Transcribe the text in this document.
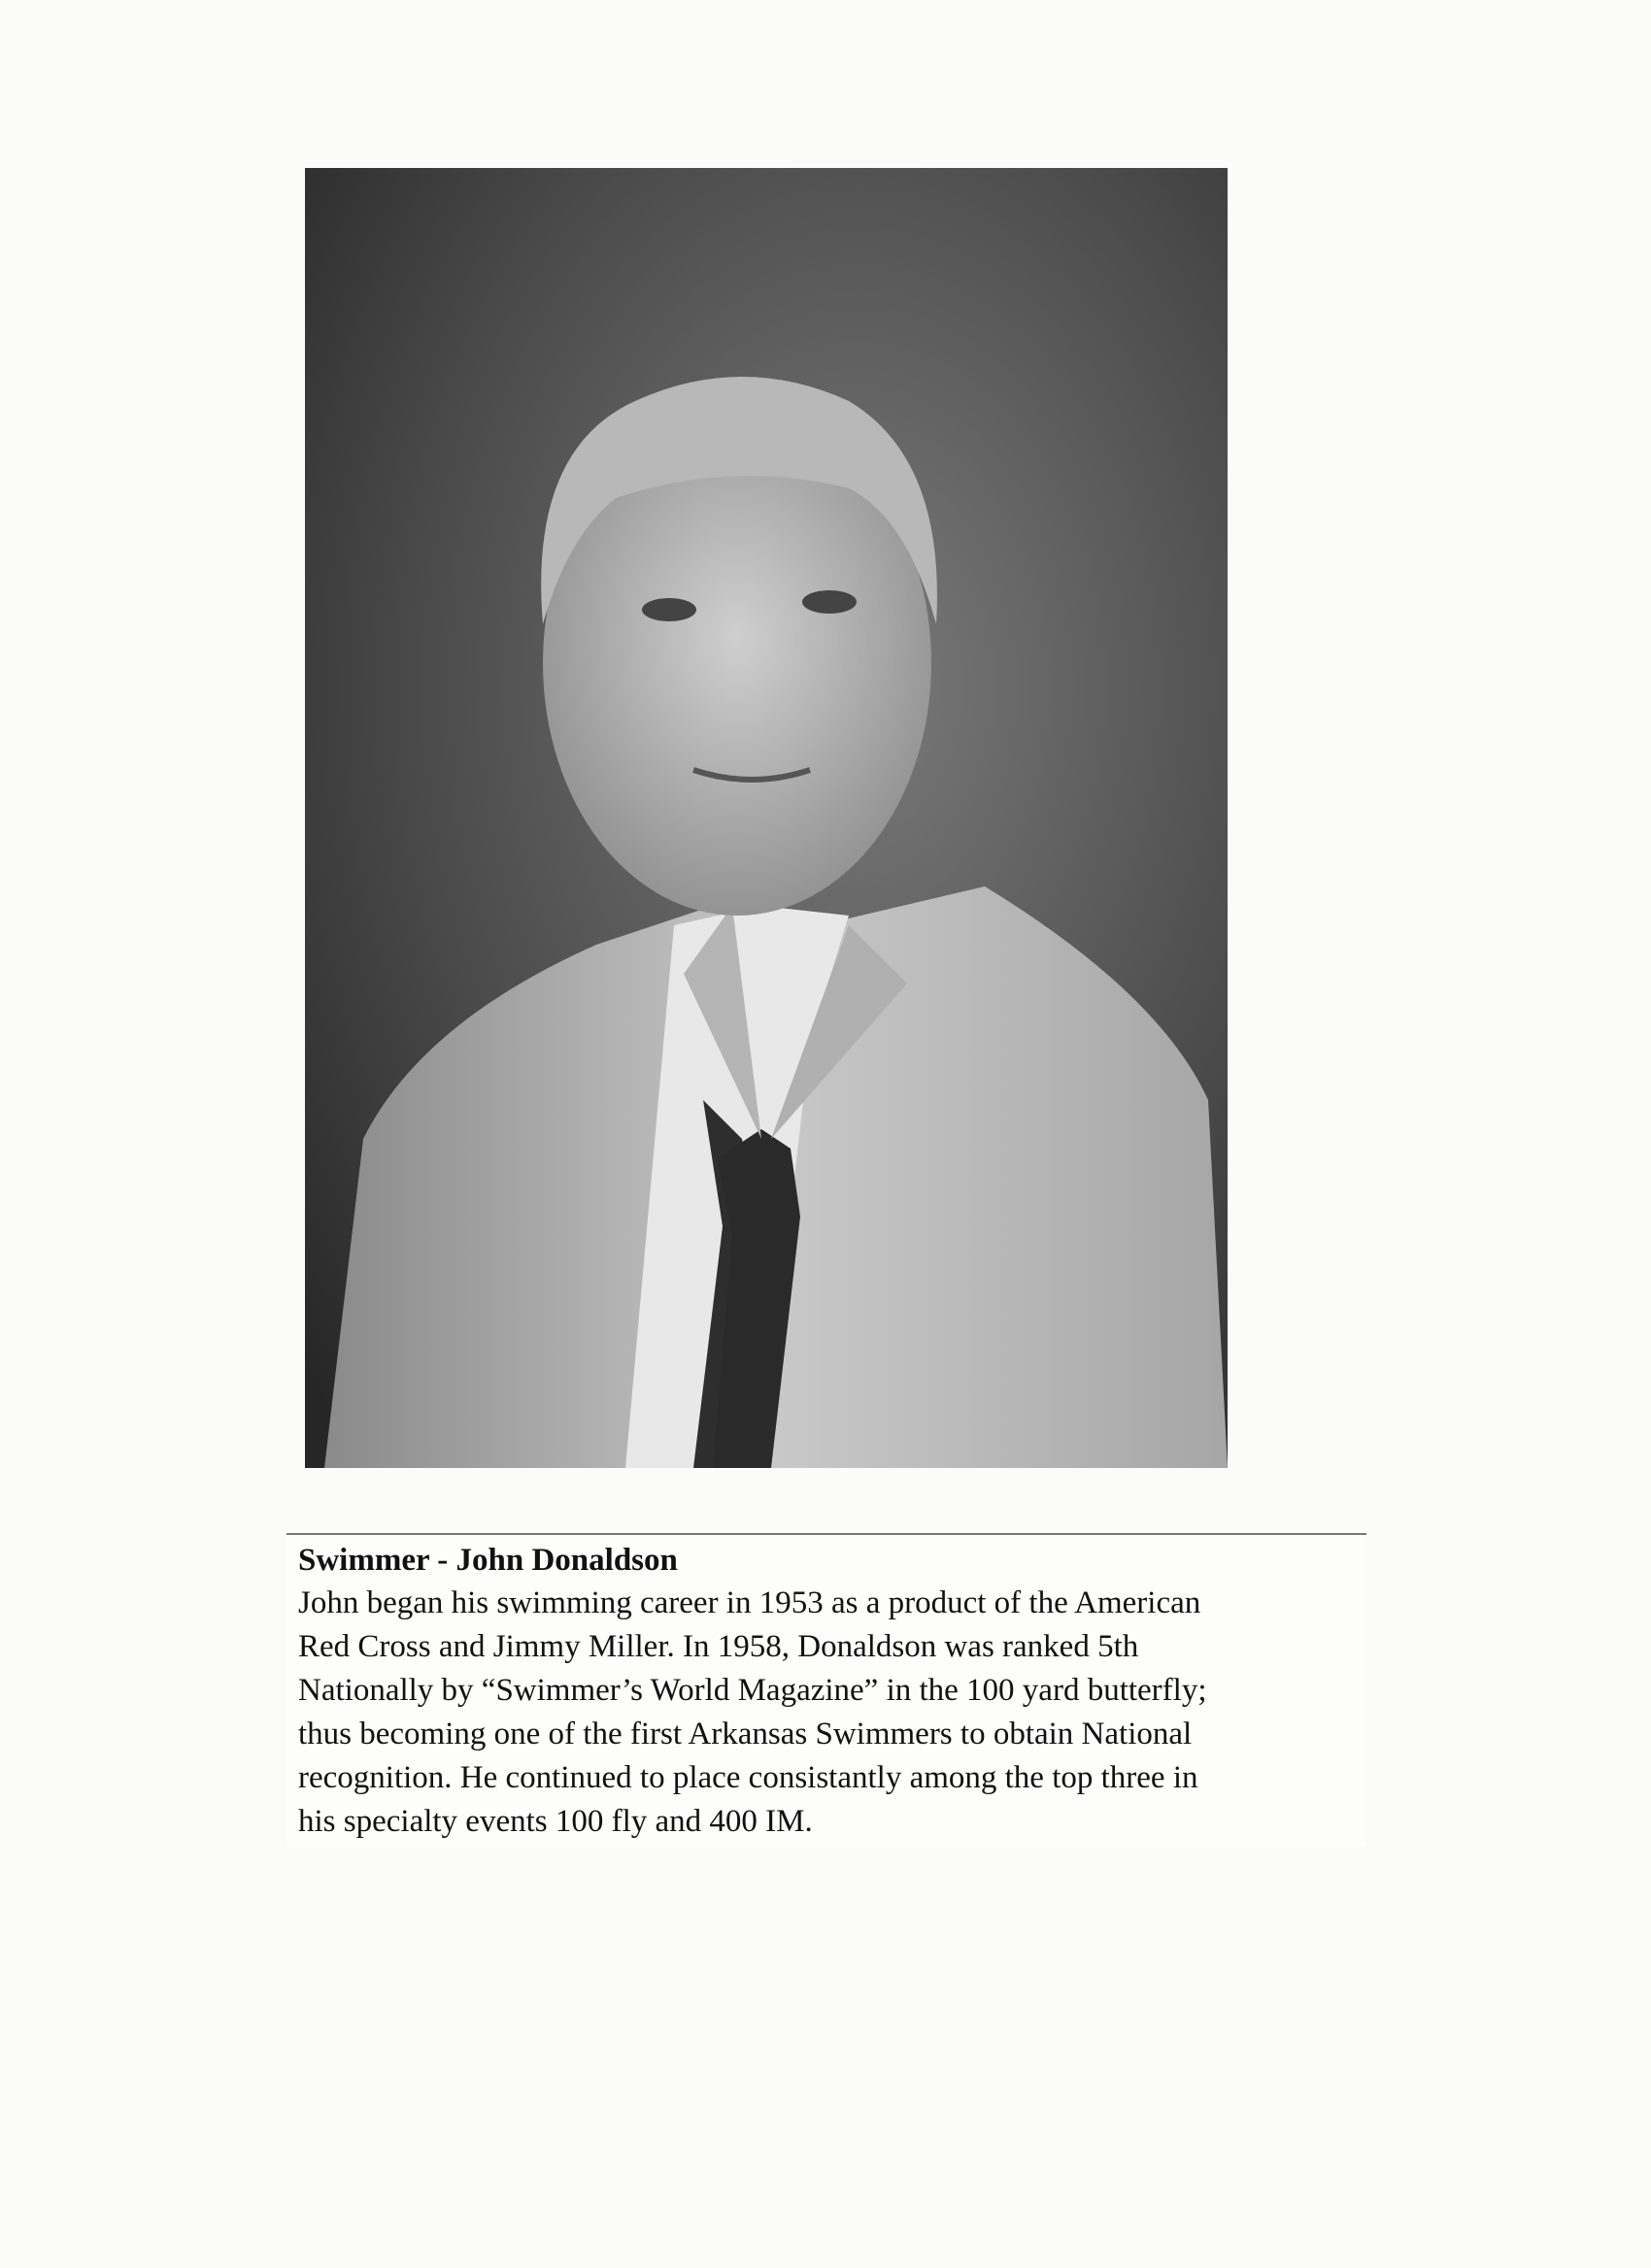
Swimmer - John Donaldson
John began his swimming career in 1953 as a product of the American
Red Cross and Jimmy Miller. In 1958, Donaldson was ranked 5th
Nationally by “Swimmer’s World Magazine” in the 100 yard butterfly;
thus becoming one of the first Arkansas Swimmers to obtain National
recognition. He continued to place consistantly among the top three in
his specialty events 100 fly and 400 IM.
